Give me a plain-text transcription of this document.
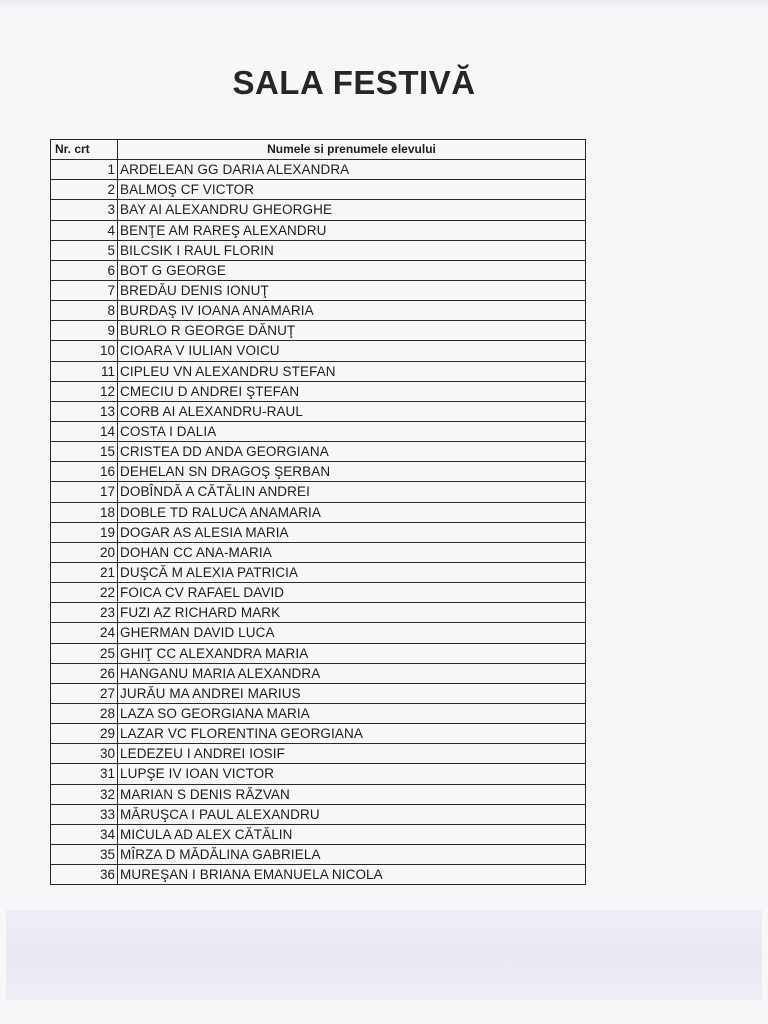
SALA FESTIVĂ
Nr. crt	Numele si prenumele elevului
1	ARDELEAN GG DARIA ALEXANDRA
2	BALMOŞ CF VICTOR
3	BAY AI ALEXANDRU GHEORGHE
4	BENŢE AM RAREŞ ALEXANDRU
5	BILCSIK I RAUL FLORIN
6	BOT G GEORGE
7	BREDĂU DENIS IONUŢ
8	BURDAŞ IV IOANA ANAMARIA
9	BURLO R GEORGE DĂNUŢ
10	CIOARA V IULIAN VOICU
11	CIPLEU VN ALEXANDRU STEFAN
12	CMECIU D ANDREI ŞTEFAN
13	CORB AI ALEXANDRU-RAUL
14	COSTA I DALIA
15	CRISTEA DD ANDA GEORGIANA
16	DEHELAN SN DRAGOŞ ŞERBAN
17	DOBÎNDĂ A CĂTĂLIN ANDREI
18	DOBLE TD RALUCA ANAMARIA
19	DOGAR AS ALESIA MARIA
20	DOHAN CC ANA-MARIA
21	DUŞCĂ M ALEXIA PATRICIA
22	FOICA CV RAFAEL DAVID
23	FUZI AZ RICHARD MARK
24	GHERMAN DAVID LUCA
25	GHIŢ CC ALEXANDRA MARIA
26	HANGANU MARIA ALEXANDRA
27	JURĂU MA ANDREI MARIUS
28	LAZA SO GEORGIANA MARIA
29	LAZAR VC FLORENTINA GEORGIANA
30	LEDEZEU I ANDREI IOSIF
31	LUPŞE IV IOAN VICTOR
32	MARIAN S DENIS RĂZVAN
33	MĂRUŞCA I PAUL ALEXANDRU
34	MICULA AD ALEX CĂTĂLIN
35	MÎRZA D MĂDĂLINA GABRIELA
36	MUREŞAN I BRIANA EMANUELA NICOLA
